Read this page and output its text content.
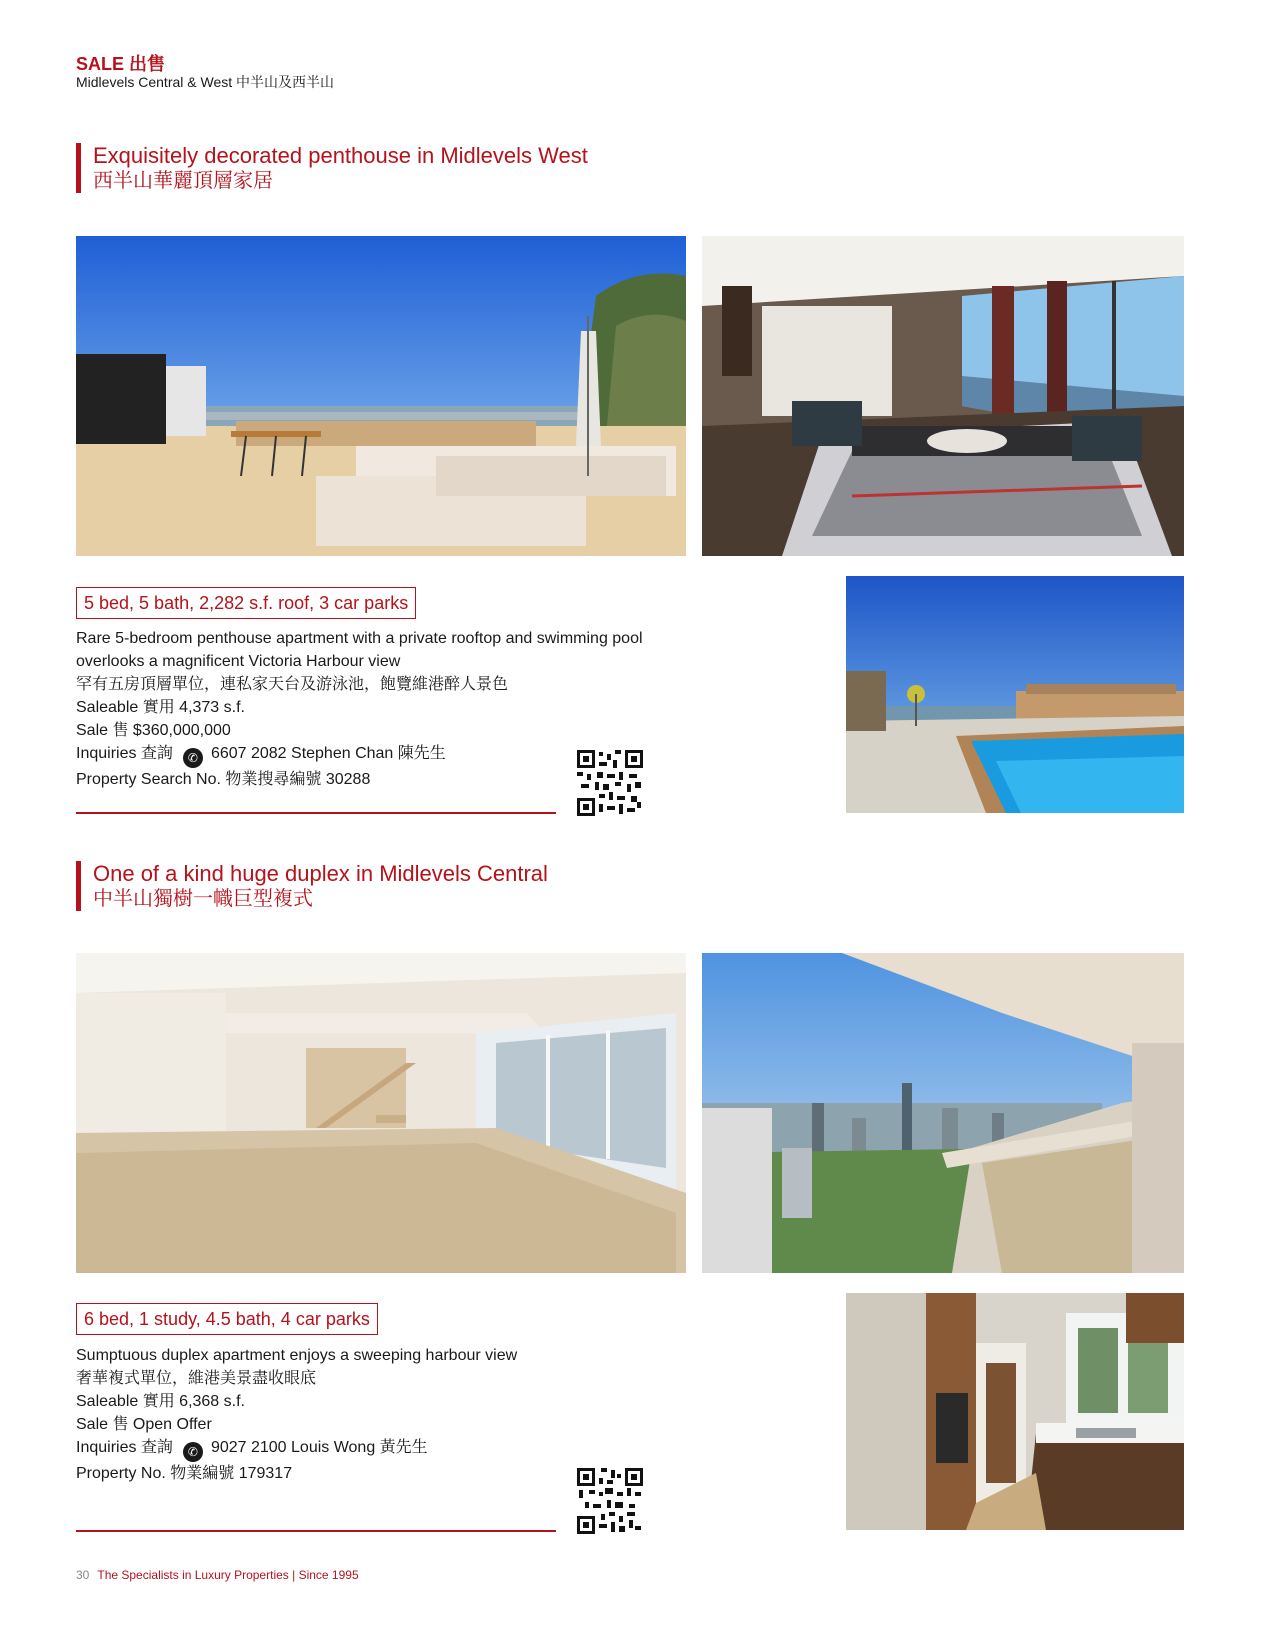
SALE 出售
Midlevels Central & West 中半山及西半山
Exquisitely decorated penthouse in Midlevels West
西半山華麗頂層家居
5 bed, 5 bath, 2,282 s.f. roof, 3 car parks
Rare 5-bedroom penthouse apartment with a private rooftop and swimming pool
overlooks a magnificent Victoria Harbour view
罕有五房頂層單位，連私家天台及游泳池，飽覽維港醉人景色
Saleable 實用 4,373 s.f.
Sale 售 $360,000,000
Inquiries 查詢 ✆ 6607 2082 Stephen Chan 陳先生
Property Search No. 物業搜尋編號 30288
One of a kind huge duplex in Midlevels Central
中半山獨樹一幟巨型複式
6 bed, 1 study, 4.5 bath, 4 car parks
Sumptuous duplex apartment enjoys a sweeping harbour view
奢華複式單位，維港美景盡收眼底
Saleable 實用 6,368 s.f.
Sale 售 Open Offer
Inquiries 查詢 ✆ 9027 2100 Louis Wong 黃先生
Property No. 物業編號 179317
30 The Specialists in Luxury Properties | Since 1995
